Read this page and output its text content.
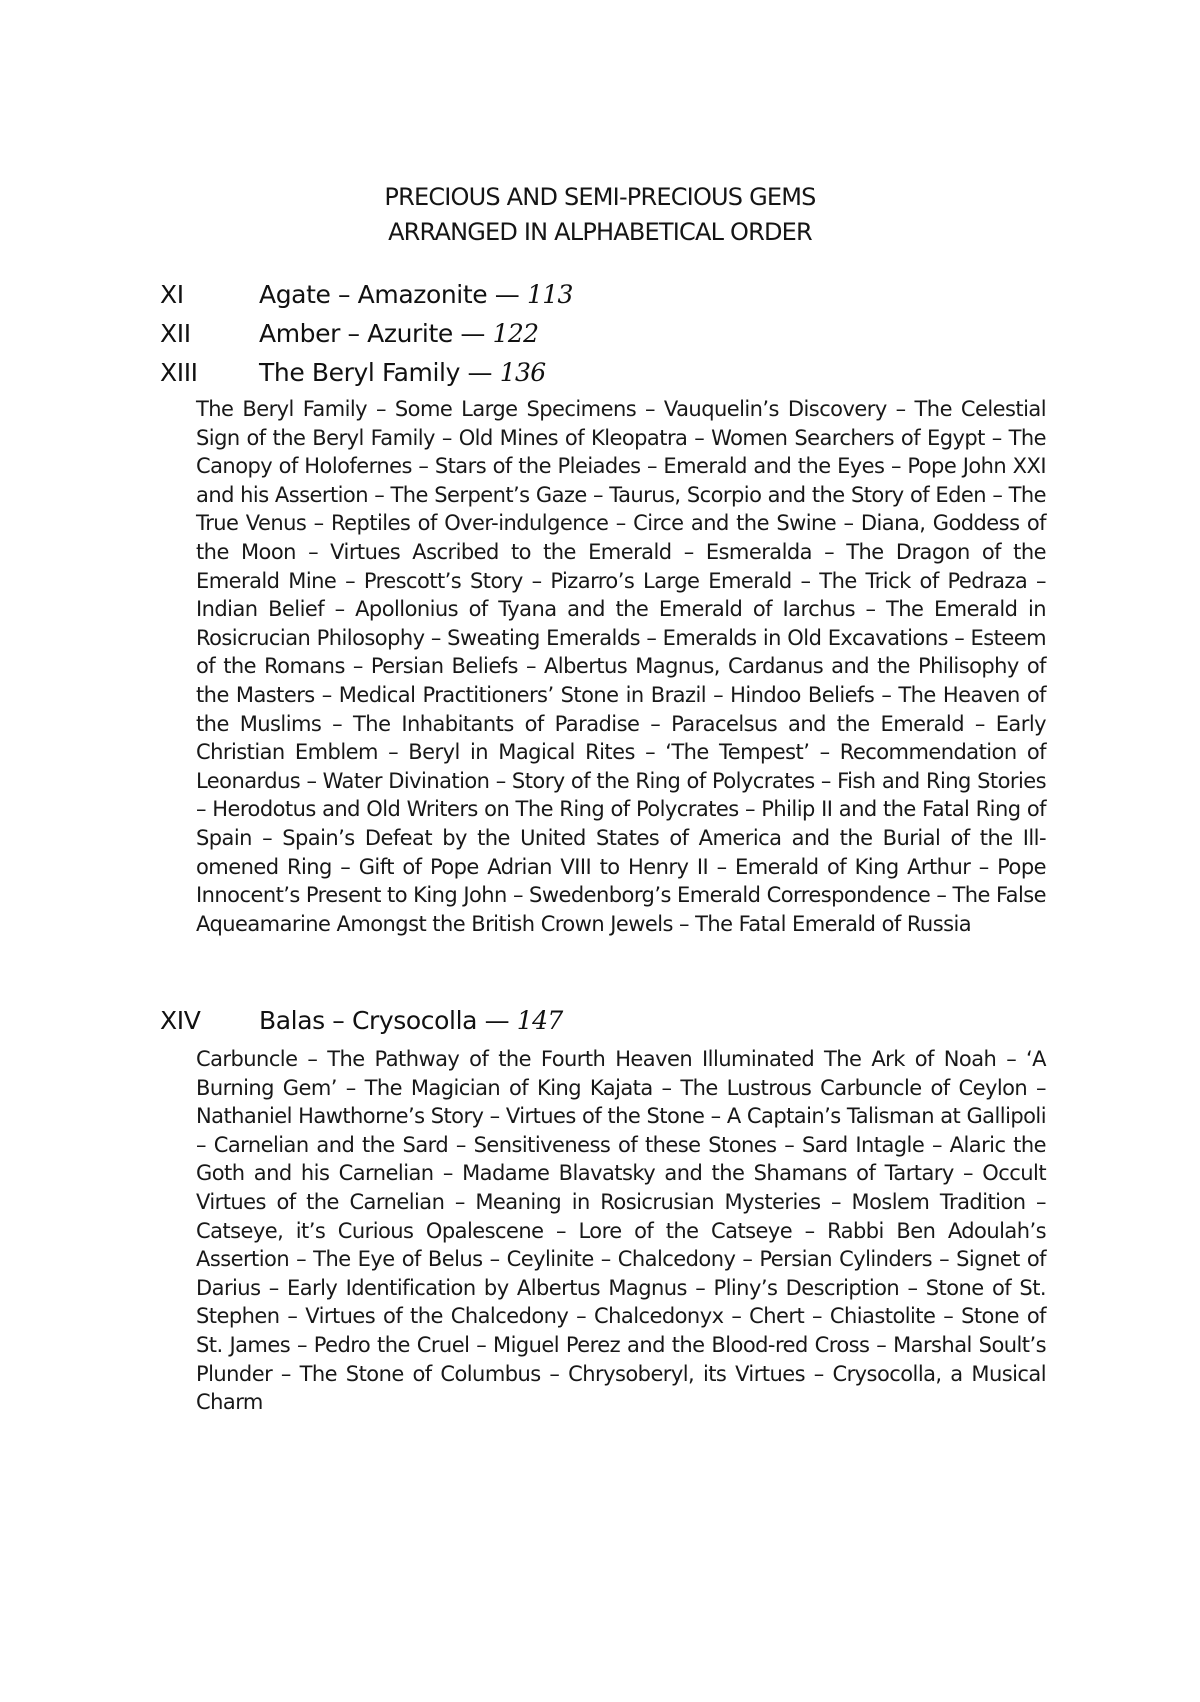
PRECIOUS AND SEMI-PRECIOUS GEMS
ARRANGED IN ALPHABETICAL ORDER
XI	Agate – Amazonite — 113
XII	Amber – Azurite — 122
XIII	The Beryl Family — 136
The Beryl Family – Some Large Specimens – Vauquelin’s Discovery – The Celestial Sign of the Beryl Family – Old Mines of Kleopatra – Women Searchers of Egypt – The Canopy of Holofernes – Stars of the Pleiades – Emerald and the Eyes – Pope John XXI and his Assertion – The Serpent’s Gaze – Taurus, Scorpio and the Story of Eden – The True Venus – Reptiles of Over-indulgence – Circe and the Swine – Diana, Goddess of the Moon – Virtues Ascribed to the Emerald – Esmeralda – The Dragon of the Emerald Mine – Prescott’s Story – Pizarro’s Large Emerald – The Trick of Pedraza – Indian Belief – Apollonius of Tyana and the Emerald of Iarchus – The Emerald in Rosicrucian Philosophy – Sweating Emeralds – Emeralds in Old Excavations – Esteem of the Romans – Persian Beliefs – Albertus Magnus, Cardanus and the Philisophy of the Masters – Medical Practitioners’ Stone in Brazil – Hindoo Beliefs – The Heaven of the Muslims – The Inhabitants of Paradise – Paracelsus and the Emerald – Early Christian Emblem – Beryl in Magical Rites – ‘The Tempest’ – Recommendation of Leonardus – Water Divination – Story of the Ring of Polycrates – Fish and Ring Stories – Herodotus and Old Writers on The Ring of Polycrates – Philip II and the Fatal Ring of Spain – Spain’s Defeat by the United States of America and the Burial of the Ill-omened Ring – Gift of Pope Adrian VIII to Henry II – Emerald of King Arthur – Pope Innocent’s Present to King John – Swedenborg’s Emerald Correspondence – The False Aqueamarine Amongst the British Crown Jewels – The Fatal Emerald of Russia
XIV	Balas – Crysocolla — 147
Carbuncle – The Pathway of the Fourth Heaven Illuminated The Ark of Noah – ‘A Burning Gem’ – The Magician of King Kajata – The Lustrous Carbuncle of Ceylon – Nathaniel Hawthorne’s Story – Virtues of the Stone – A Captain’s Talisman at Gallipoli – Carnelian and the Sard – Sensitiveness of these Stones – Sard Intagle – Alaric the Goth and his Carnelian – Madame Blavatsky and the Shamans of Tartary – Occult Virtues of the Carnelian – Meaning in Rosicrusian Mysteries – Moslem Tradition – Catseye, it’s Curious Opalescene – Lore of the Catseye – Rabbi Ben Adoulah’s Assertion – The Eye of Belus – Ceylinite – Chalcedony – Persian Cylinders – Signet of Darius – Early Identification by Albertus Magnus – Pliny’s Description – Stone of St. Stephen – Virtues of the Chalcedony – Chalcedonyx – Chert – Chiastolite – Stone of St. James – Pedro the Cruel – Miguel Perez and the Blood-red Cross – Marshal Soult’s Plunder – The Stone of Columbus – Chrysoberyl, its Virtues – Crysocolla, a Musical Charm
